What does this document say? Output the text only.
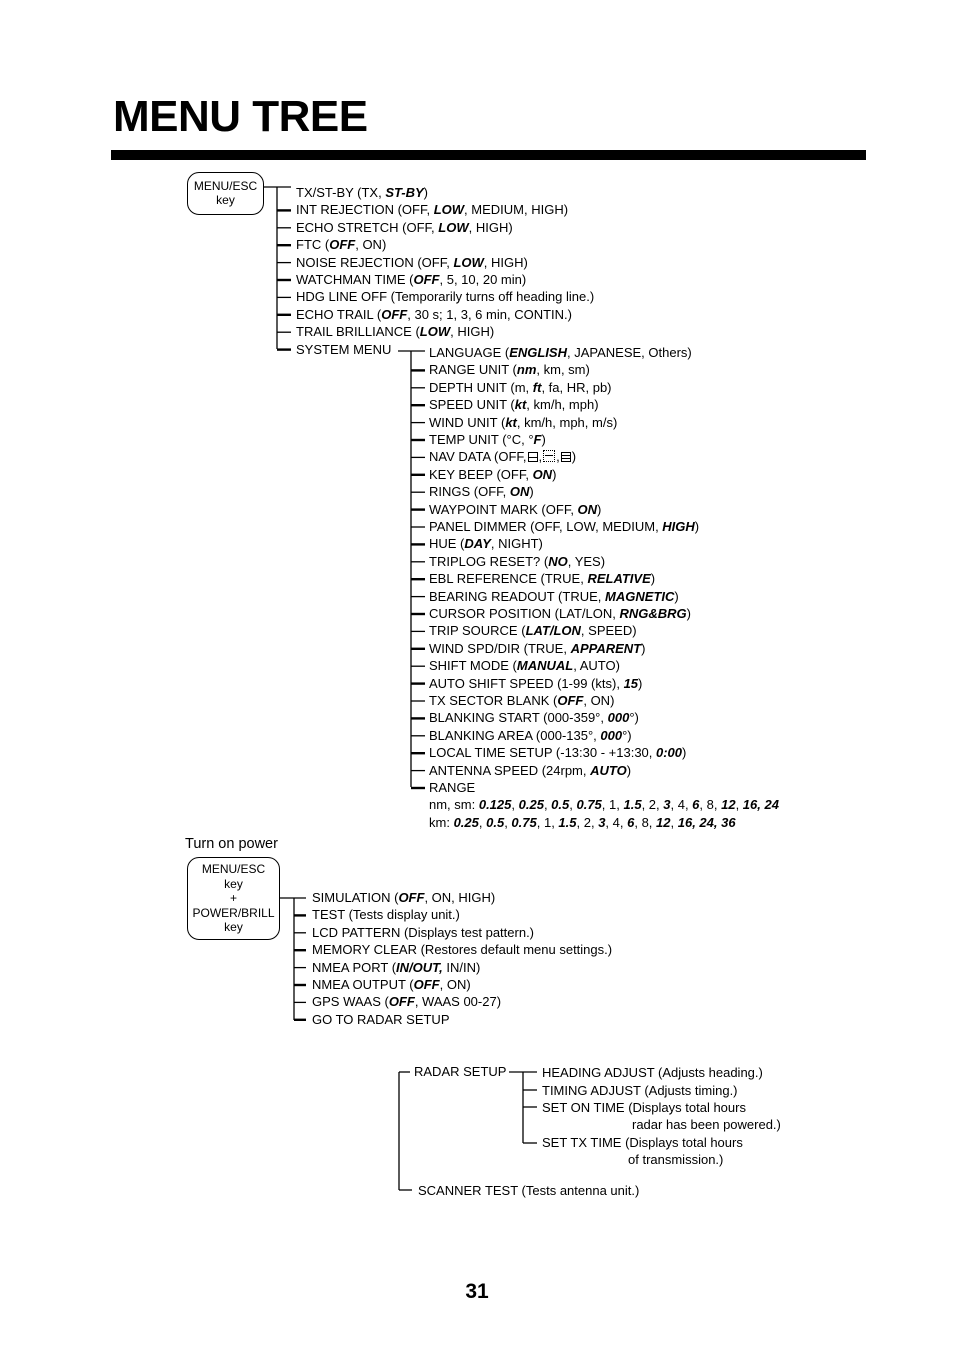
MENU TREE
MENU/ESC
key	TX/ST-BY (TX, ST-BY)
INT REJECTION (OFF, LOW, MEDIUM, HIGH)
ECHO STRETCH (OFF, LOW, HIGH)
FTC (OFF, ON)
NOISE REJECTION (OFF, LOW, HIGH)
WATCHMAN TIME (OFF, 5, 10, 20 min)
HDG LINE OFF (Temporarily turns off heading line.)
ECHO TRAIL (OFF, 30 s; 1, 3, 6 min, CONTIN.)
TRAIL BRILLIANCE (LOW, HIGH)
SYSTEM MENU	LANGUAGE (ENGLISH, JAPANESE, Others)
RANGE UNIT (nm, km, sm)
DEPTH UNIT (m, ft, fa, HR, pb)
SPEED UNIT (kt, km/h, mph)
WIND UNIT (kt, km/h, mph, m/s)
TEMP UNIT (°C, °F)
NAV DATA (OFF, , , )
KEY BEEP (OFF, ON)
RINGS (OFF, ON)
WAYPOINT MARK (OFF, ON)
PANEL DIMMER (OFF, LOW, MEDIUM, HIGH)
HUE (DAY, NIGHT)
TRIPLOG RESET? (NO, YES)
EBL REFERENCE (TRUE, RELATIVE)
BEARING READOUT (TRUE, MAGNETIC)
CURSOR POSITION (LAT/LON, RNG&BRG)
TRIP SOURCE (LAT/LON, SPEED)
WIND SPD/DIR (TRUE, APPARENT)
SHIFT MODE (MANUAL, AUTO)
AUTO SHIFT SPEED (1-99 (kts), 15)
TX SECTOR BLANK (OFF, ON)
BLANKING START (000-359°, 000°)
BLANKING AREA (000-135°, 000°)
LOCAL TIME SETUP (-13:30 - +13:30, 0:00)
ANTENNA SPEED (24rpm, AUTO)
RANGE
nm, sm: 0.125, 0.25, 0.5, 0.75, 1, 1.5, 2, 3, 4, 6, 8, 12, 16, 24
km: 0.25, 0.5, 0.75, 1, 1.5, 2, 3, 4, 6, 8, 12, 16, 24, 36
Turn on power
MENU/ESC
key
+
POWER/BRILL
key
SIMULATION (OFF, ON, HIGH)
TEST (Tests display unit.)
LCD PATTERN (Displays test pattern.)
MEMORY CLEAR (Restores default menu settings.)
NMEA PORT (IN/OUT, IN/IN)
NMEA OUTPUT (OFF, ON)
GPS WAAS (OFF, WAAS 00-27)
GO TO RADAR SETUP
RADAR SETUP	HEADING ADJUST (Adjusts heading.)
TIMING ADJUST (Adjusts timing.)
SET ON TIME (Displays total hours
radar has been powered.)
SET TX TIME (Displays total hours
of transmission.)
SCANNER TEST (Tests antenna unit.)
31
